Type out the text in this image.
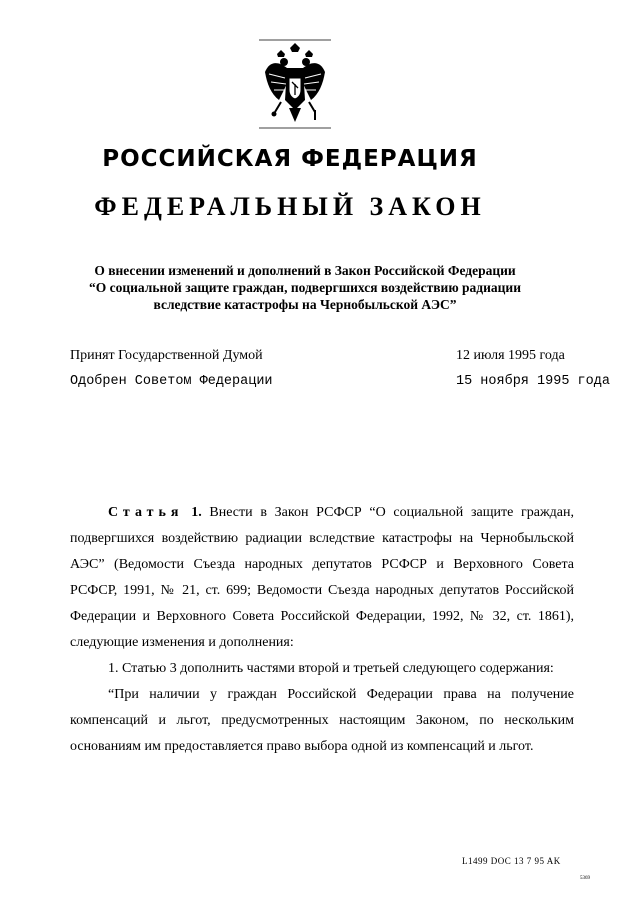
РОССИЙСКАЯ ФЕДЕРАЦИЯ
ФЕДЕРАЛЬНЫЙ ЗАКОН
О внесении изменений и дополнений в Закон Российской Федерации
“О социальной защите граждан, подвергшихся воздействию радиации
вследствие катастрофы на Чернобыльской АЭС”
Принят Государственной Думой	12 июля 1995 года
Одобрен Советом Федерации	15 ноября 1995 года

Статья 1. Внести в Закон РСФСР “О социальной защите граждан, подвергшихся воздействию радиации вследствие катастрофы на Чернобыльской АЭС” (Ведомости Съезда народных депутатов РСФСР и Верховного Совета РСФСР, 1991, № 21, ст. 699; Ведомости Съезда народных депутатов Российской Федерации и Верховного Совета Российской Федерации, 1992, № 32, ст. 1861), следующие изменения и дополнения:

1. Статью 3 дополнить частями второй и третьей следующего содержания:

“При наличии у граждан Российской Федерации права на получение компенсаций и льгот, предусмотренных настоящим Законом, по нескольким основаниям им предоставляется право выбора одной из компенсаций и льгот.

L1499 DOC 13 7 95 AK
5369
